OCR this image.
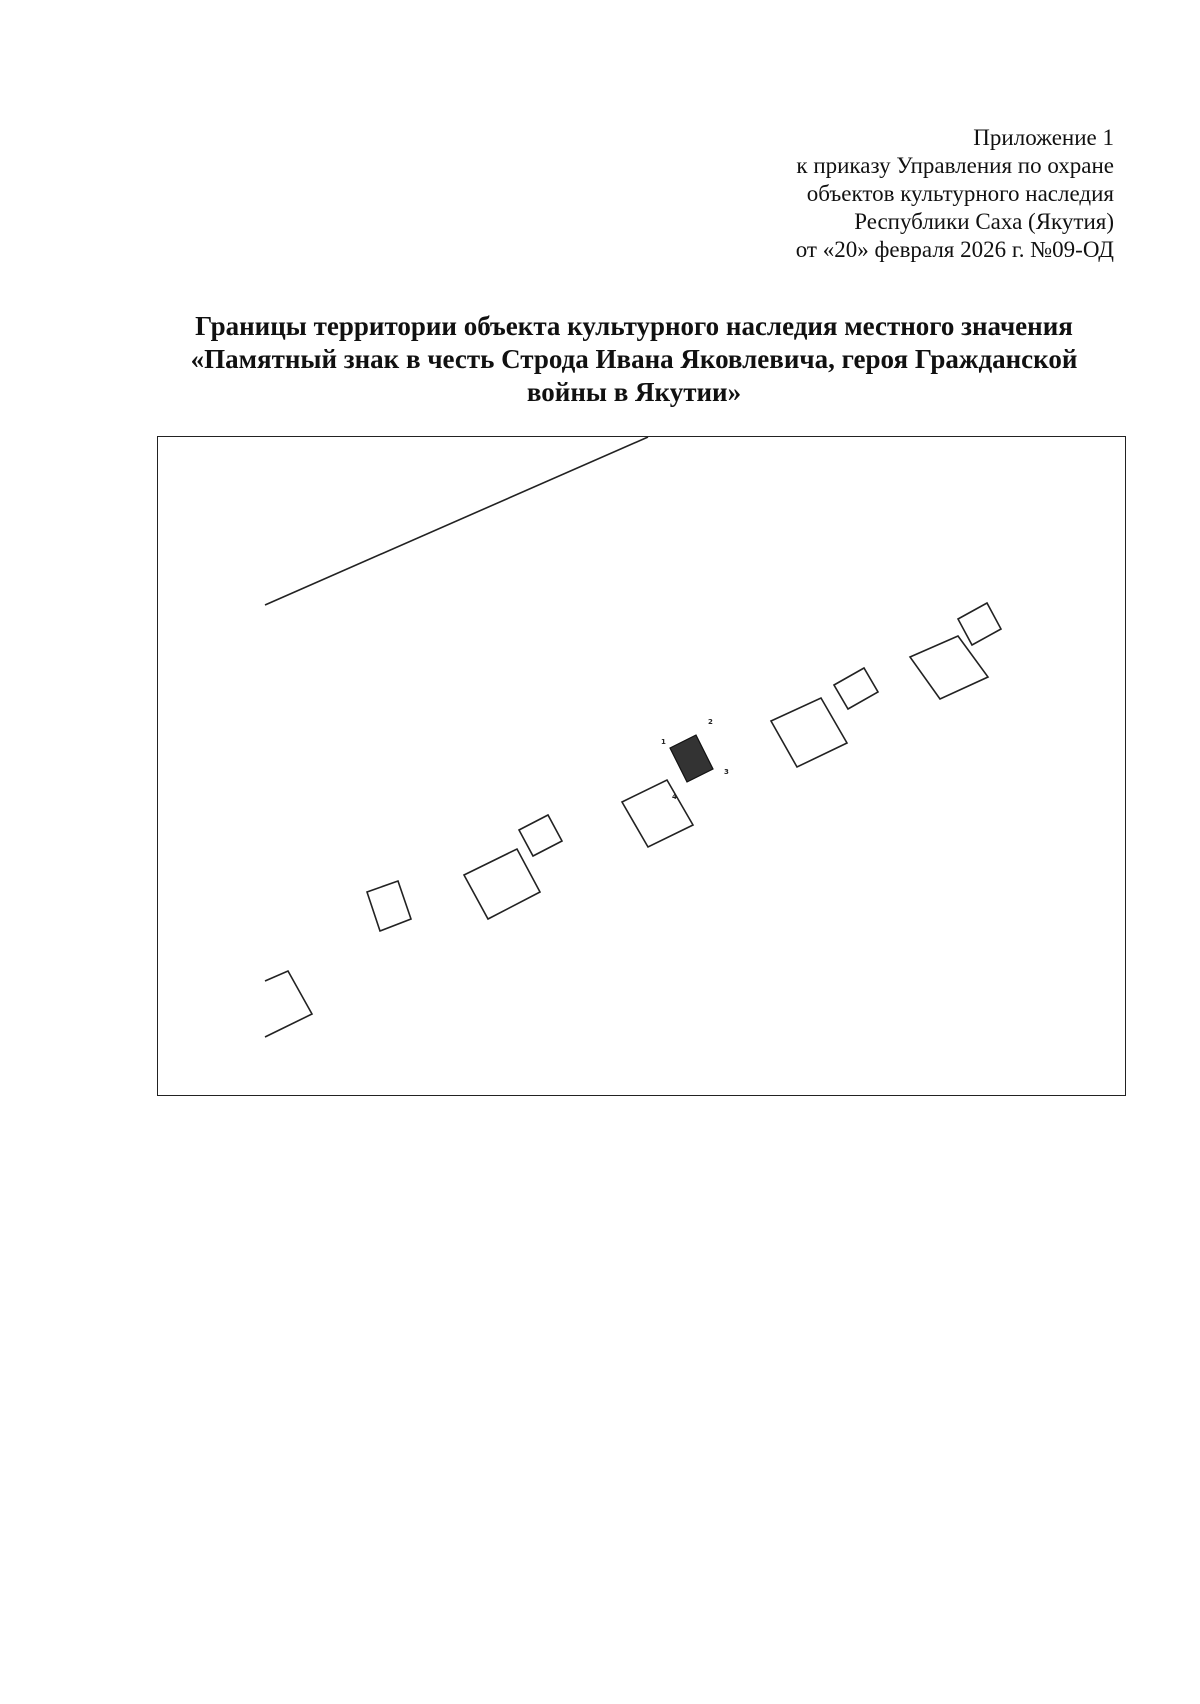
Приложение 1
к приказу Управления по охране
объектов культурного наследия
Республики Саха (Якутия)
от «20» февраля 2026 г. №09-ОД
Границы территории объекта культурного наследия местного значения
«Памятный знак в честь Строда Ивана Яковлевича, героя Гражданской
войны в Якутии»
1
2
3
4
